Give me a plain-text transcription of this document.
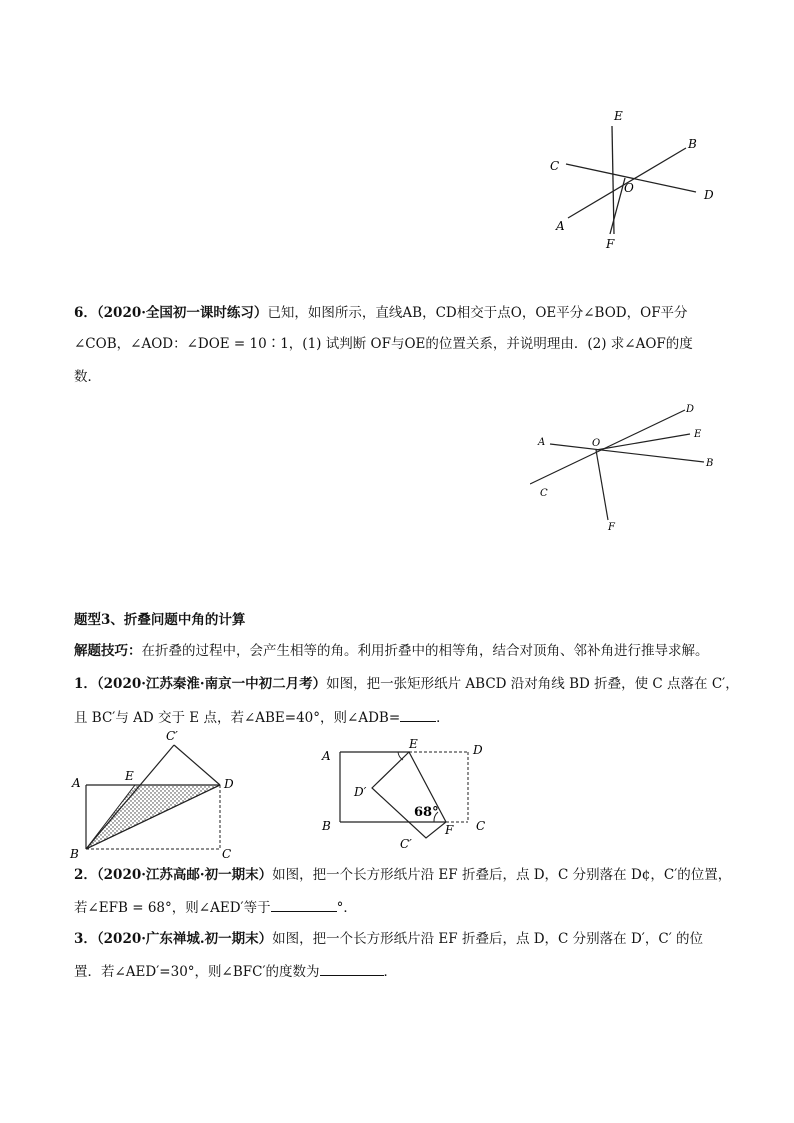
E
B
C
O	D
A
F
6．（2020·全国初一课时练习）已知，如图所示，直线AB，CD相交于点O，OE平分∠BOD，OF平分
∠COB，∠AOD：∠DOE = 10∶1，(1) 试判断 OF与OE的位置关系，并说明理由．(2) 求∠AOF的度
数．
D
A	O
E
B
C
F
题型3、折叠问题中角的计算
解题技巧：在折叠的过程中，会产生相等的角。利用折叠中的相等角，结合对顶角、邻补角进行推导求解。
1．（2020·江苏秦淮·南京一中初二月考）如图，把一张矩形纸片 ABCD 沿对角线 BD 折叠，使 C 点落在 C′，
且 BC′与 AD 交于 E 点，若∠ABE=40°，则∠ADB=	．
C′
A	E
D
B	C
A
E	D
D′
68°
B	F C
C′
2．（2020·江苏高邮·初一期末）如图，把一个长方形纸片沿 EF 折叠后，点 D，C 分别落在 D¢，C′的位置，
若∠EFB = 68°，则∠AED′等于	°．
3．（2020·广东禅城.初一期末）如图，把一个长方形纸片沿 EF 折叠后，点 D，C 分别落在 D′，C′ 的位
置．若∠AED′=30°，则∠BFC′的度数为	．
